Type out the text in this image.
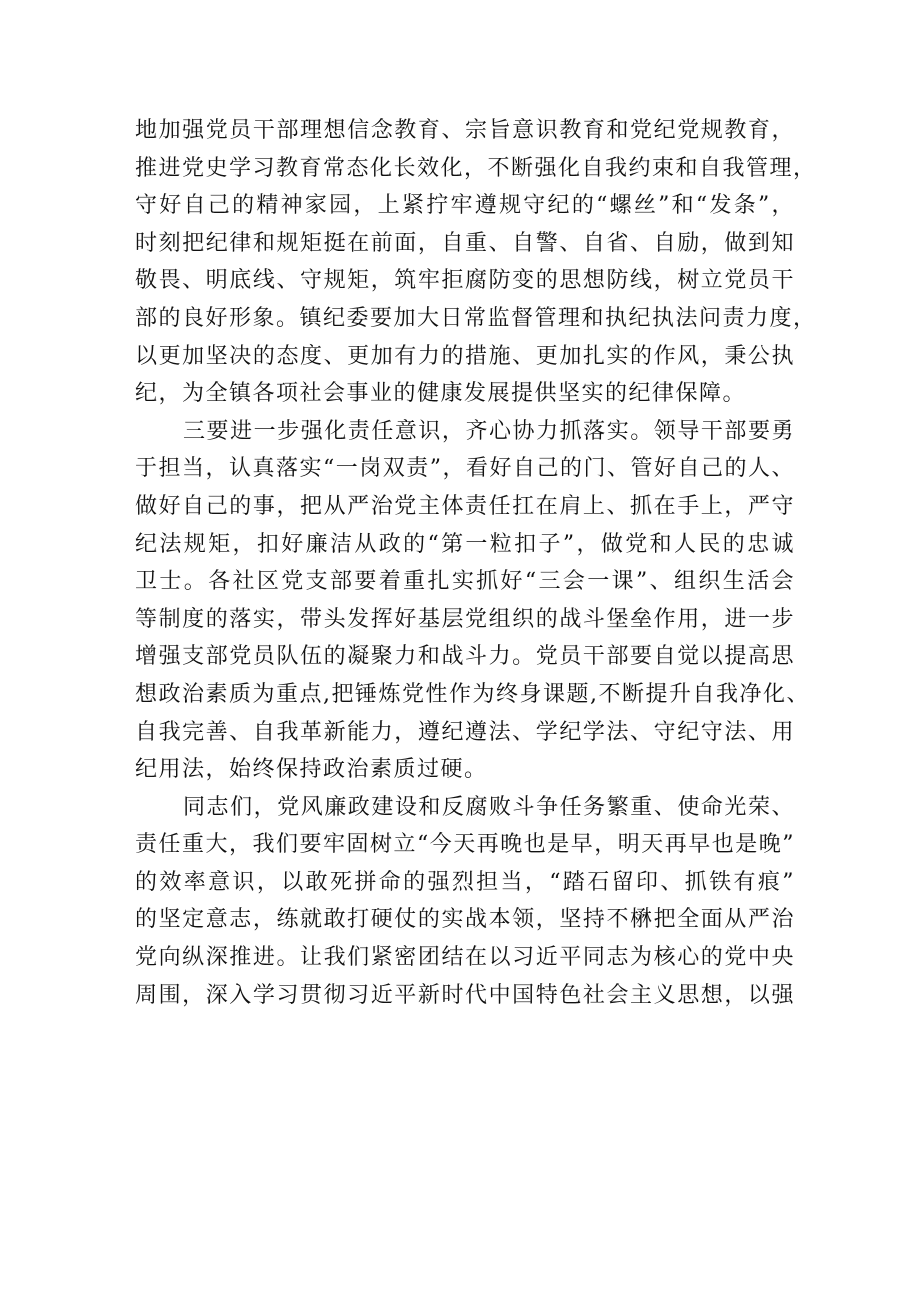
地加强党员干部理想信念教育、宗旨意识教育和党纪党规教育，
推进党史学习教育常态化长效化，不断强化自我约束和自我管理，
守好自己的精神家园，上紧拧牢遵规守纪的“螺丝”和“发条”，
时刻把纪律和规矩挺在前面，自重、自警、自省、自励，做到知
敬畏、明底线、守规矩，筑牢拒腐防变的思想防线，树立党员干
部的良好形象。镇纪委要加大日常监督管理和执纪执法问责力度，
以更加坚决的态度、更加有力的措施、更加扎实的作风，秉公执
纪，为全镇各项社会事业的健康发展提供坚实的纪律保障。
三要进一步强化责任意识，齐心协力抓落实。领导干部要勇
于担当，认真落实“一岗双责”，看好自己的门、管好自己的人、
做好自己的事，把从严治党主体责任扛在肩上、抓在手上，严守
纪法规矩，扣好廉洁从政的“第一粒扣子”，做党和人民的忠诚
卫士。各社区党支部要着重扎实抓好“三会一课”、组织生活会
等制度的落实，带头发挥好基层党组织的战斗堡垒作用，进一步
增强支部党员队伍的凝聚力和战斗力。党员干部要自觉以提高思
想政治素质为重点,把锤炼党性作为终身课题,不断提升自我净化、
自我完善、自我革新能力，遵纪遵法、学纪学法、守纪守法、用
纪用法，始终保持政治素质过硬。
同志们，党风廉政建设和反腐败斗争任务繁重、使命光荣、
责任重大，我们要牢固树立“今天再晚也是早，明天再早也是晚”
的效率意识，以敢死拼命的强烈担当，“踏石留印、抓铁有痕”
的坚定意志，练就敢打硬仗的实战本领，坚持不楙把全面从严治
党向纵深推进。让我们紧密团结在以习近平同志为核心的党中央
周围，深入学习贯彻习近平新时代中国特色社会主义思想，以强
